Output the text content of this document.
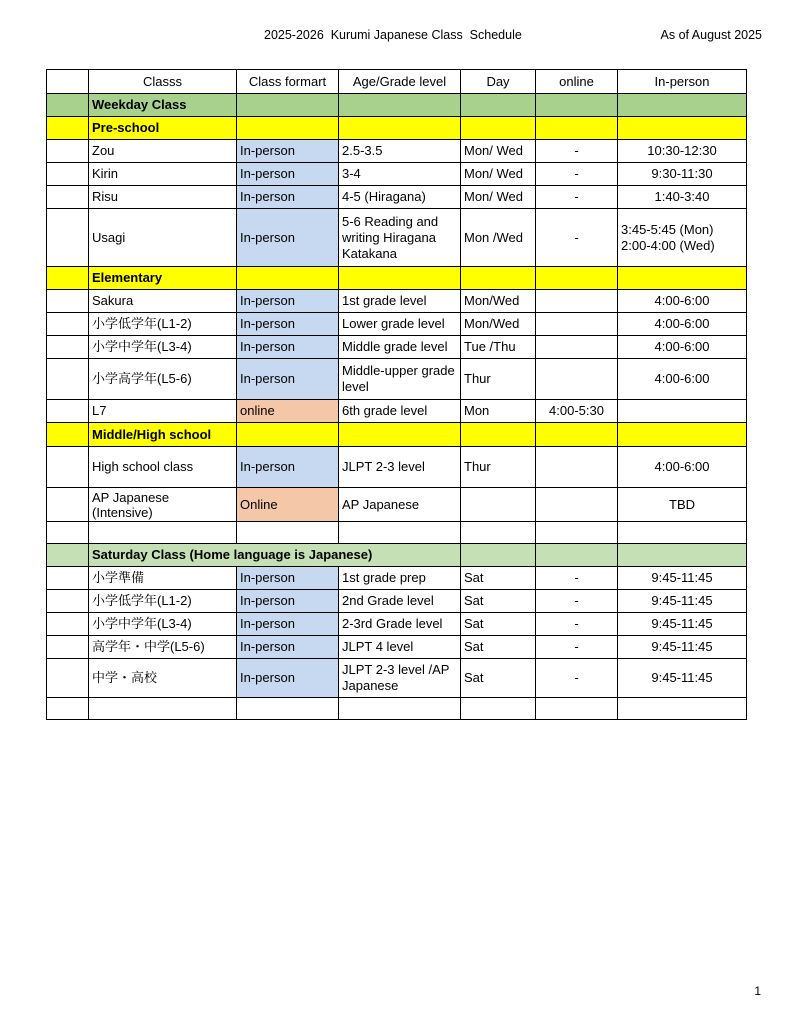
2025-2026  Kurumi Japanese Class  Schedule	As of August 2025
	Classs	Class formart	Age/Grade level	Day	online	In-person
	Weekday Class					
	Pre-school					
	Zou	In-person	2.5-3.5	Mon/ Wed	-	10:30-12:30
	Kirin	In-person	3-4	Mon/ Wed	-	9:30-11:30
	Risu	In-person	4-5 (Hiragana)	Mon/ Wed	-	1:40-3:40
	Usagi	In-person	5-6 Reading and writing Hiragana Katakana	Mon /Wed	-	3:45-5:45 (Mon) 2:00-4:00 (Wed)
	Elementary					
	Sakura	In-person	1st grade level	Mon/Wed		4:00-6:00
	小学低学年(L1-2)	In-person	Lower grade level	Mon/Wed		4:00-6:00
	小学中学年(L3-4)	In-person	Middle grade level	Tue /Thu		4:00-6:00
	小学高学年(L5-6)	In-person	Middle-upper grade level	Thur		4:00-6:00
	L7	online	6th grade level	Mon	4:00-5:30	
	Middle/High school					
	High school class	In-person	JLPT 2-3 level	Thur		4:00-6:00
	AP Japanese (Intensive)	Online	AP Japanese			TBD

	Saturday Class (Home language is Japanese)					
	小学準備	In-person	1st grade prep	Sat	-	9:45-11:45
	小学低学年(L1-2)	In-person	2nd Grade level	Sat	-	9:45-11:45
	小学中学年(L3-4)	In-person	2-3rd Grade level	Sat	-	9:45-11:45
	高学年・中学(L5-6)	In-person	JLPT 4 level	Sat	-	9:45-11:45
	中学・高校	In-person	JLPT 2-3 level /AP Japanese	Sat	-	9:45-11:45

1
